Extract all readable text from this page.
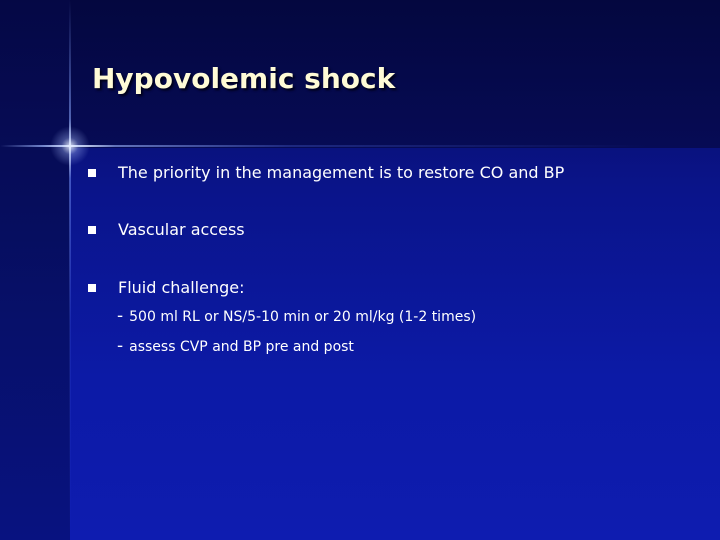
Hypovolemic shock
The priority in the management is to restore CO and BP
Vascular access
Fluid challenge:
- 500 ml RL or NS/5-10 min or 20 ml/kg (1-2 times)
- assess CVP and BP pre and post
